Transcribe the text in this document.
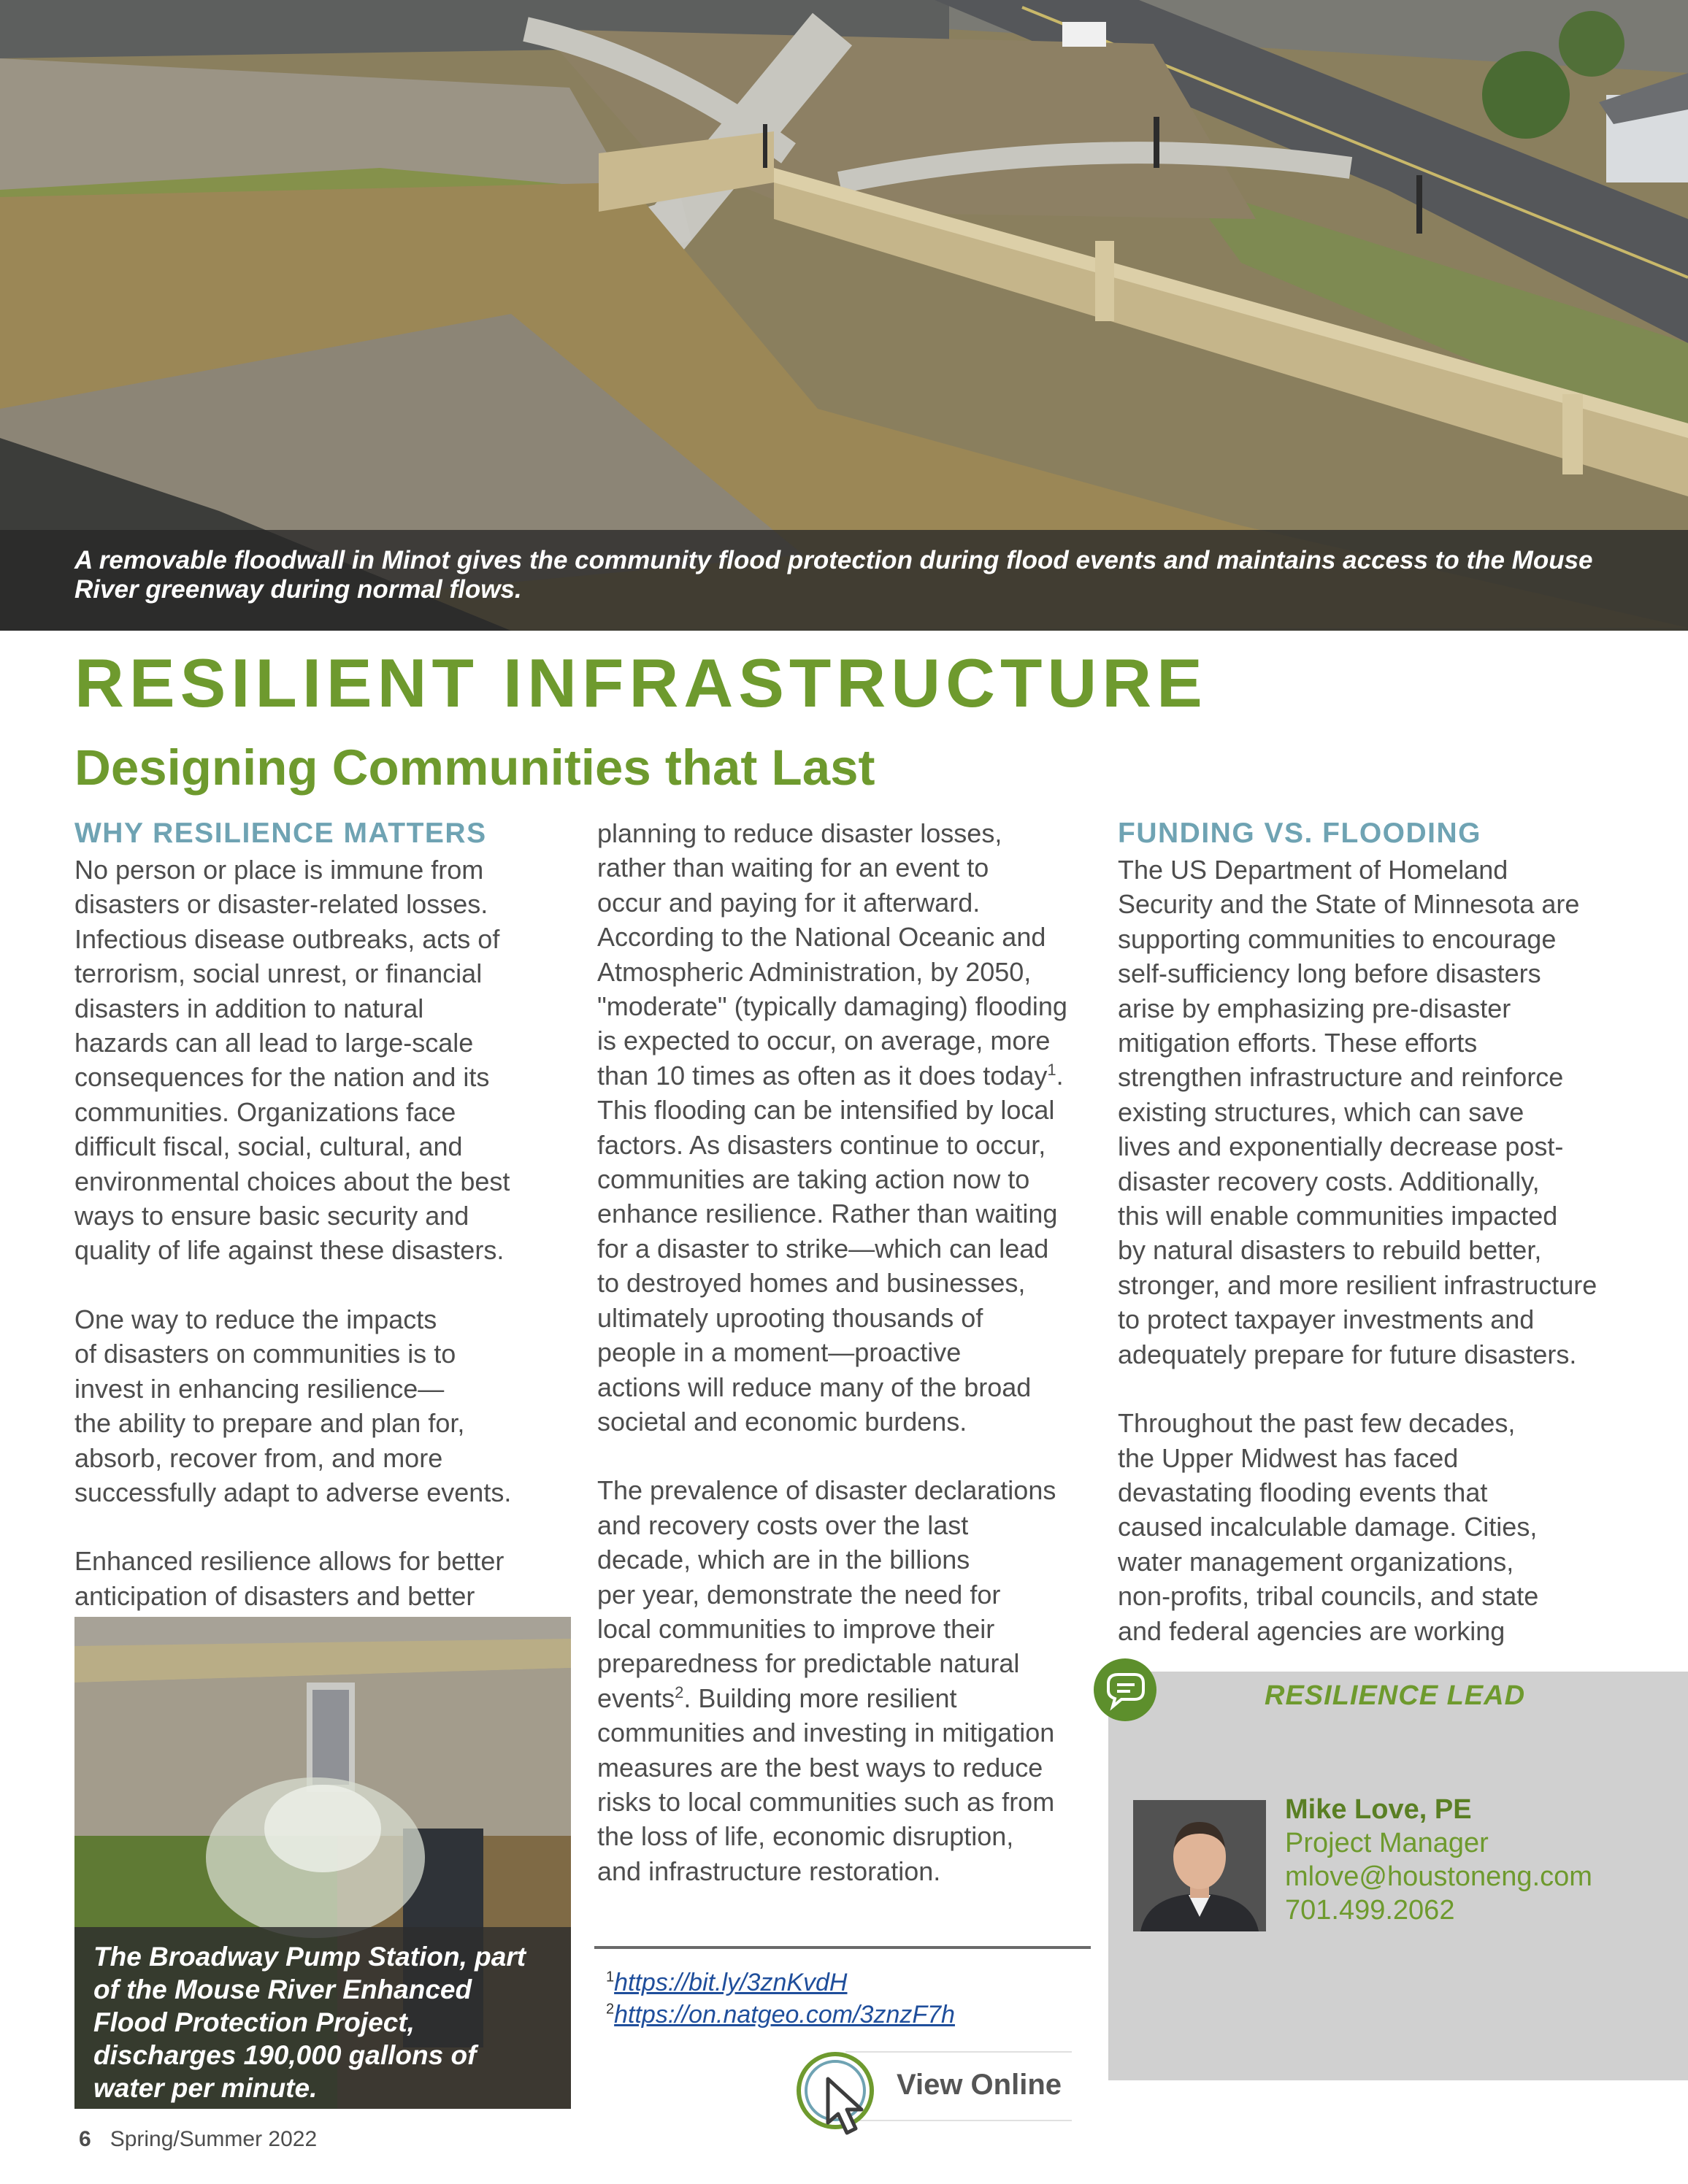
A removable floodwall in Minot gives the community flood protection during flood events and maintains access to the Mouse River greenway during normal flows.

RESILIENT INFRASTRUCTURE
Designing Communities that Last
WHY RESILIENCE MATTERS

No person or place is immune from
disasters or disaster-related losses.
Infectious disease outbreaks, acts of
terrorism, social unrest, or financial
disasters in addition to natural
hazards can all lead to large-scale
consequences for the nation and its
communities. Organizations face
difficult fiscal, social, cultural, and
environmental choices about the best
ways to ensure basic security and
quality of life against these disasters.

One way to reduce the impacts
of disasters on communities is to
invest in enhancing resilience—
the ability to prepare and plan for,
absorb, recover from, and more
successfully adapt to adverse events.

Enhanced resilience allows for better
anticipation of disasters and better

The Broadway Pump Station, part
of the Mouse River Enhanced
Flood Protection Project,
discharges 190,000 gallons of
water per minute.

planning to reduce disaster losses,
rather than waiting for an event to
occur and paying for it afterward.
According to the National Oceanic and
Atmospheric Administration, by 2050,
"moderate" (typically damaging) flooding
is expected to occur, on average, more
than 10 times as often as it does today$^1$.
This flooding can be intensified by local
factors. As disasters continue to occur,
communities are taking action now to
enhance resilience. Rather than waiting
for a disaster to strike—which can lead
to destroyed homes and businesses,
ultimately uprooting thousands of
people in a moment—proactive
actions will reduce many of the broad
societal and economic burdens.

The prevalence of disaster declarations
and recovery costs over the last
decade, which are in the billions
per year, demonstrate the need for
local communities to improve their
preparedness for predictable natural
events$^2$. Building more resilient
communities and investing in mitigation
measures are the best ways to reduce
risks to local communities such as from
the loss of life, economic disruption,
and infrastructure restoration.

$^1$https://bit.ly/3znKvdH
$^2$https://on.natgeo.com/3znzF7h
View Online
FUNDING VS. FLOODING

The US Department of Homeland
Security and the State of Minnesota are
supporting communities to encourage
self-sufficiency long before disasters
arise by emphasizing pre-disaster
mitigation efforts. These efforts
strengthen infrastructure and reinforce
existing structures, which can save
lives and exponentially decrease post-
disaster recovery costs. Additionally,
this will enable communities impacted
by natural disasters to rebuild better,
stronger, and more resilient infrastructure
to protect taxpayer investments and
adequately prepare for future disasters.

Throughout the past few decades,
the Upper Midwest has faced
devastating flooding events that
caused incalculable damage. Cities,
water management organizations,
non-profits, tribal councils, and state
and federal agencies are working

RESILIENCE LEAD
Mike Love, PE
Project Manager
mlove@houstoneng.com
701.499.2062
6 Spring/Summer 2022
